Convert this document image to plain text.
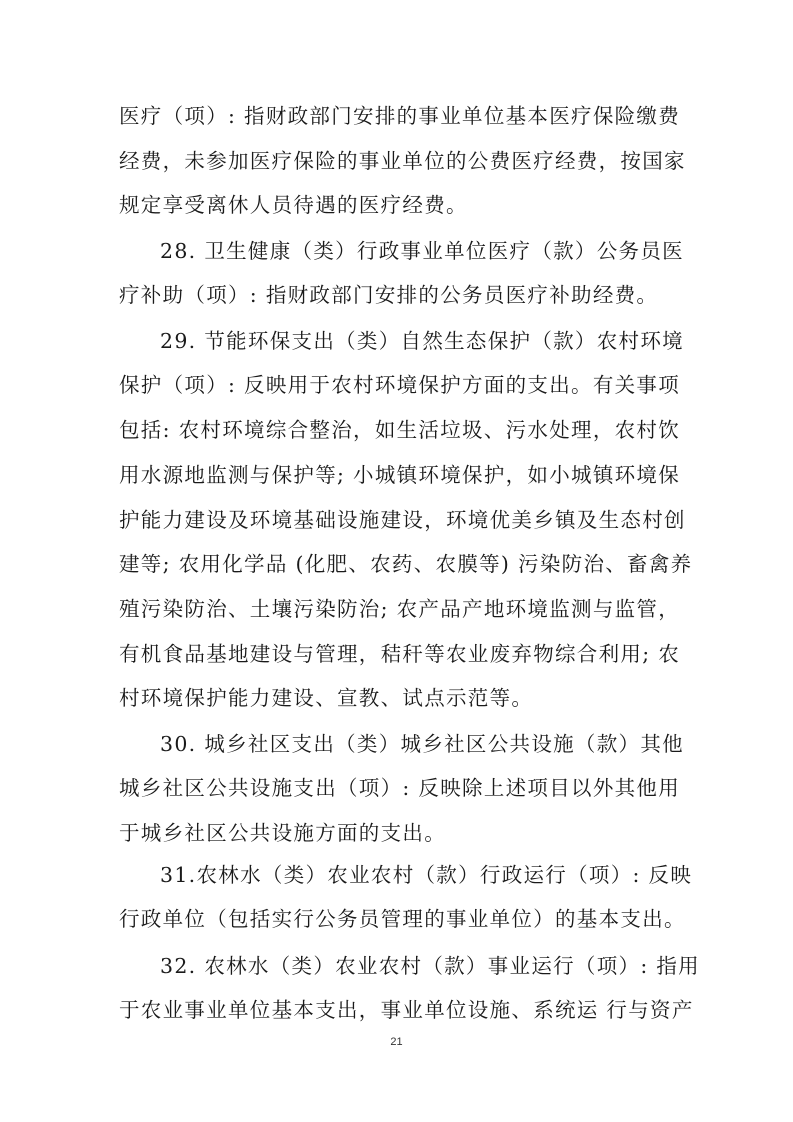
医疗（项）: 指财政部门安排的事业单位基本医疗保险缴费
经费，未参加医疗保险的事业单位的公费医疗经费，按国家
规定享受离休人员待遇的医疗经费。
28. 卫生健康（类）行政事业单位医疗（款）公务员医
疗补助（项）: 指财政部门安排的公务员医疗补助经费。
29. 节能环保支出（类）自然生态保护（款）农村环境
保护（项）: 反映用于农村环境保护方面的支出。有关事项
包括: 农村环境综合整治，如生活垃圾、污水处理，农村饮
用水源地监测与保护等; 小城镇环境保护，如小城镇环境保
护能力建设及环境基础设施建设，环境优美乡镇及生态村创
建等; 农用化学品 (化肥、农药、农膜等) 污染防治、畜禽养
殖污染防治、土壤污染防治; 农产品产地环境监测与监管，
有机食品基地建设与管理，秸秆等农业废弃物综合利用; 农
村环境保护能力建设、宣教、试点示范等。
30. 城乡社区支出（类）城乡社区公共设施（款）其他
城乡社区公共设施支出（项）: 反映除上述项目以外其他用
于城乡社区公共设施方面的支出。
31.农林水（类）农业农村（款）行政运行（项）: 反映
行政单位（包括实行公务员管理的事业单位）的基本支出。
32. 农林水（类）农业农村（款）事业运行（项）: 指用
于农业事业单位基本支出，事业单位设施、系统运 行与资产
21
